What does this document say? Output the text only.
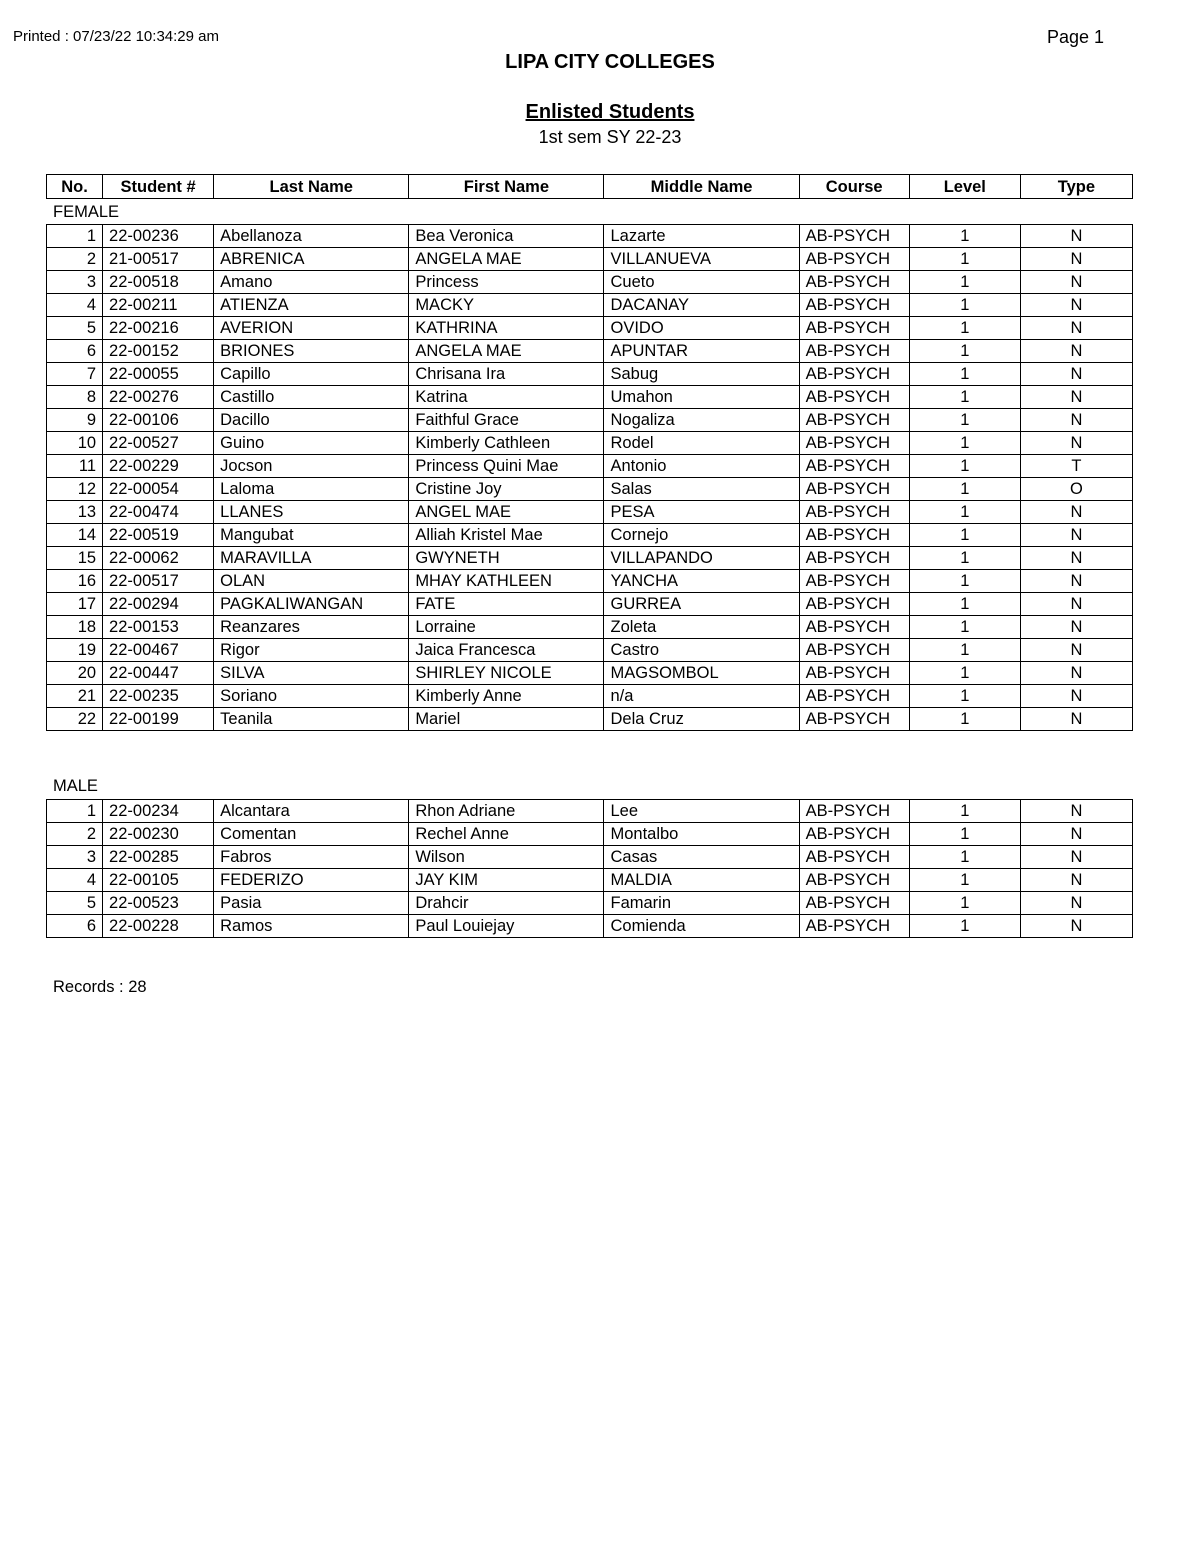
Printed : 07/23/22 10:34:29 am	Page 1
LIPA CITY COLLEGES
Enlisted Students
1st sem SY 22-23
No.	Student #	Last Name	First Name	Middle Name	Course	Level	Type
FEMALE
1	22-00236	Abellanoza	Bea Veronica	Lazarte	AB-PSYCH	1	N
2	21-00517	ABRENICA	ANGELA MAE	VILLANUEVA	AB-PSYCH	1	N
3	22-00518	Amano	Princess	Cueto	AB-PSYCH	1	N
4	22-00211	ATIENZA	MACKY	DACANAY	AB-PSYCH	1	N
5	22-00216	AVERION	KATHRINA	OVIDO	AB-PSYCH	1	N
6	22-00152	BRIONES	ANGELA MAE	APUNTAR	AB-PSYCH	1	N
7	22-00055	Capillo	Chrisana Ira	Sabug	AB-PSYCH	1	N
8	22-00276	Castillo	Katrina	Umahon	AB-PSYCH	1	N
9	22-00106	Dacillo	Faithful Grace	Nogaliza	AB-PSYCH	1	N
10	22-00527	Guino	Kimberly Cathleen	Rodel	AB-PSYCH	1	N
11	22-00229	Jocson	Princess Quini Mae	Antonio	AB-PSYCH	1	T
12	22-00054	Laloma	Cristine Joy	Salas	AB-PSYCH	1	O
13	22-00474	LLANES	ANGEL MAE	PESA	AB-PSYCH	1	N
14	22-00519	Mangubat	Alliah Kristel Mae	Cornejo	AB-PSYCH	1	N
15	22-00062	MARAVILLA	GWYNETH	VILLAPANDO	AB-PSYCH	1	N
16	22-00517	OLAN	MHAY KATHLEEN	YANCHA	AB-PSYCH	1	N
17	22-00294	PAGKALIWANGAN	FATE	GURREA	AB-PSYCH	1	N
18	22-00153	Reanzares	Lorraine	Zoleta	AB-PSYCH	1	N
19	22-00467	Rigor	Jaica Francesca	Castro	AB-PSYCH	1	N
20	22-00447	SILVA	SHIRLEY NICOLE	MAGSOMBOL	AB-PSYCH	1	N
21	22-00235	Soriano	Kimberly Anne	n/a	AB-PSYCH	1	N
22	22-00199	Teanila	Mariel	Dela Cruz	AB-PSYCH	1	N
MALE
1	22-00234	Alcantara	Rhon Adriane	Lee	AB-PSYCH	1	N
2	22-00230	Comentan	Rechel Anne	Montalbo	AB-PSYCH	1	N
3	22-00285	Fabros	Wilson	Casas	AB-PSYCH	1	N
4	22-00105	FEDERIZO	JAY KIM	MALDIA	AB-PSYCH	1	N
5	22-00523	Pasia	Drahcir	Famarin	AB-PSYCH	1	N
6	22-00228	Ramos	Paul Louiejay	Comienda	AB-PSYCH	1	N
Records : 28
